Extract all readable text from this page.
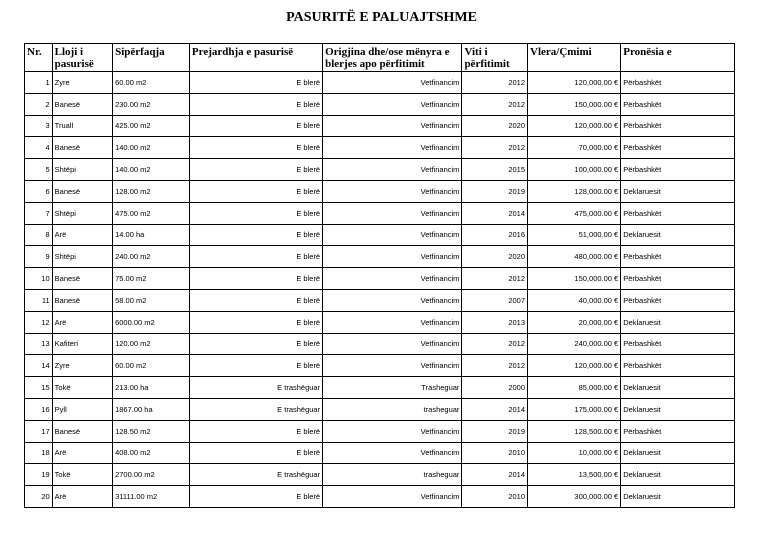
PASURITË E PALUAJTSHME
Nr.	Lloji i pasurisë	Sipërfaqja	Prejardhja e pasurisë	Origjina dhe/ose mënyra e blerjes apo përfitimit	Viti i përfitimit	Vlera/Çmimi	Pronësia e
1	Zyre	60.00 m2	E blerë	Vetfinancim	2012	120,000.00 €	Përbashkët
2	Banesë	230.00 m2	E blerë	Vetfinancim	2012	150,000.00 €	Përbashkët
3	Truall	425.00 m2	E blerë	Vetfinancim	2020	120,000.00 €	Përbashkët
4	Banesë	140.00 m2	E blerë	Vetfinancim	2012	70,000.00 €	Përbashkët
5	Shtëpi	140.00 m2	E blerë	Vetfinancim	2015	100,000.00 €	Përbashkët
6	Banesë	128.00 m2	E blerë	Vetfinancim	2019	128,000.00 €	Deklaruesit
7	Shtëpi	475.00 m2	E blerë	Vetfinancim	2014	475,000.00 €	Përbashkët
8	Arë	14.00 ha	E blerë	Vetfinancim	2016	51,000.00 €	Deklaruesit
9	Shtëpi	240.00 m2	E blerë	Vetfinancim	2020	480,000.00 €	Përbashkët
10	Banesë	75.00 m2	E blerë	Vetfinancim	2012	150,000.00 €	Përbashkët
11	Banesë	58.00 m2	E blerë	Vetfinancim	2007	40,000.00 €	Përbashkët
12	Arë	6000.00 m2	E blerë	Vetfinancim	2013	20,000.00 €	Deklaruesit
13	Kafiteri	120.00 m2	E blerë	Vetfinancim	2012	240,000.00 €	Përbashkët
14	Zyre	60.00 m2	E blerë	Vetfinancim	2012	120,000.00 €	Përbashkët
15	Tokë	213.00 ha	E trashëguar	Trasheguar	2000	85,000.00 €	Deklaruesit
16	Pyll	1867.00 ha	E trashëguar	trasheguar	2014	175,000.00 €	Deklaruesit
17	Banesë	128.50 m2	E blerë	Vetfinancim	2019	128,500.00 €	Përbashkët
18	Arë	408.00 m2	E blerë	Vetfinancim	2010	10,000.00 €	Deklaruesit
19	Tokë	2700.00 m2	E trashëguar	trasheguar	2014	13,500.00 €	Deklaruesit
20	Arë	31111.00 m2	E blerë	Vetfinancim	2010	300,000.00 €	Deklaruesit
